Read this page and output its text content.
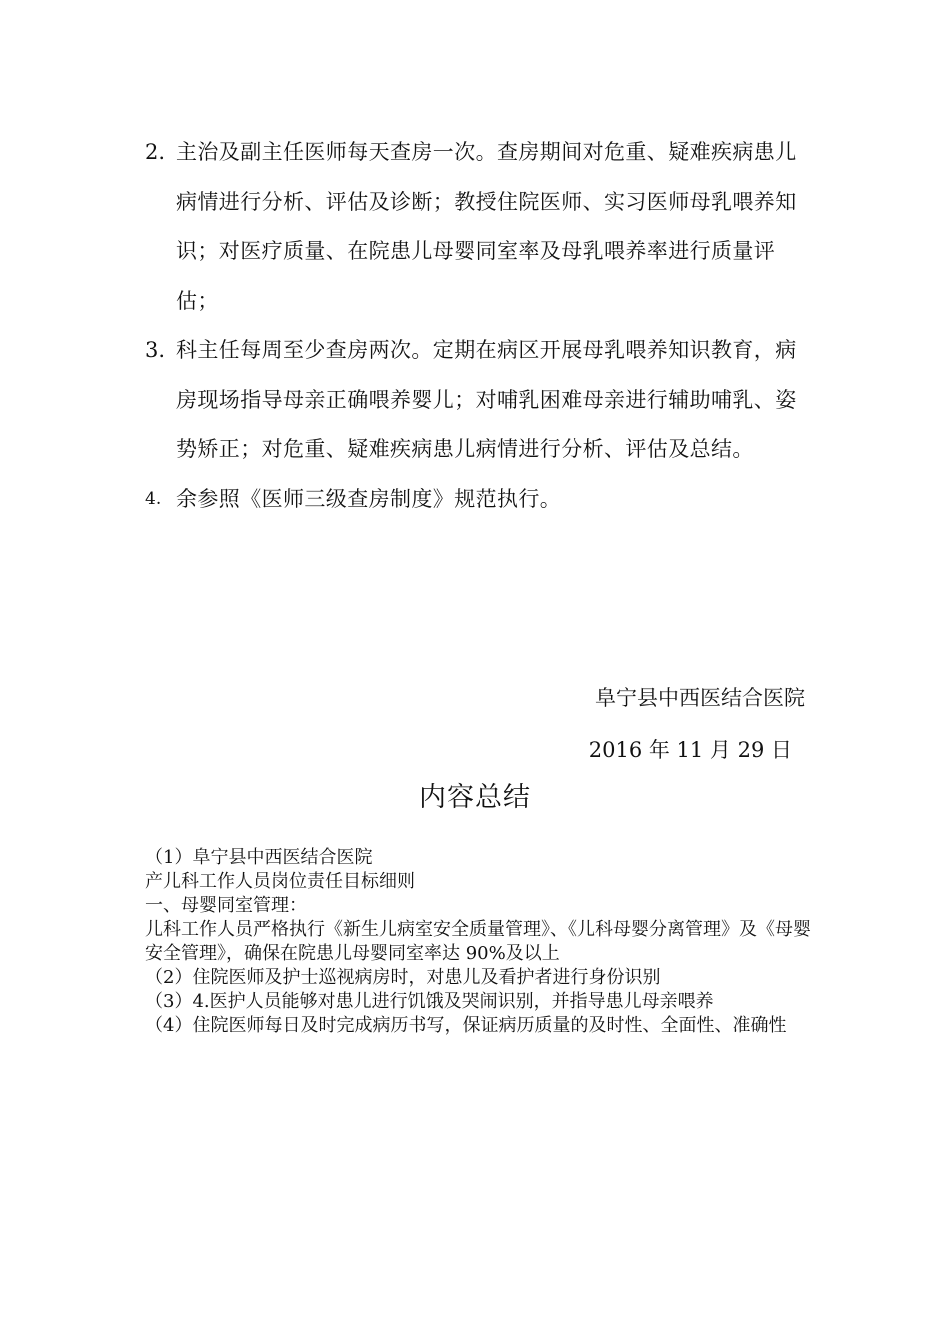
2. 主治及副主任医师每天查房一次。查房期间对危重、疑难疾病患儿病情进行分析、评估及诊断；教授住院医师、实习医师母乳喂养知识；对医疗质量、在院患儿母婴同室率及母乳喂养率进行质量评估；
3. 科主任每周至少查房两次。定期在病区开展母乳喂养知识教育，病房现场指导母亲正确喂养婴儿；对哺乳困难母亲进行辅助哺乳、姿势矫正；对危重、疑难疾病患儿病情进行分析、评估及总结。
4. 余参照《医师三级查房制度》规范执行。
阜宁县中西医结合医院
2016 年 11 月 29 日
内容总结

（1）阜宁县中西医结合医院

产儿科工作人员岗位责任目标细则

一、母婴同室管理：

儿科工作人员严格执行《新生儿病室安全质量管理》、《儿科母婴分离管理》及《母婴安全管理》，确保在院患儿母婴同室率达 90%及以上

（2）住院医师及护士巡视病房时，对患儿及看护者进行身份识别

（3）4.医护人员能够对患儿进行饥饿及哭闹识别，并指导患儿母亲喂养

（4）住院医师每日及时完成病历书写，保证病历质量的及时性、全面性、准确性
